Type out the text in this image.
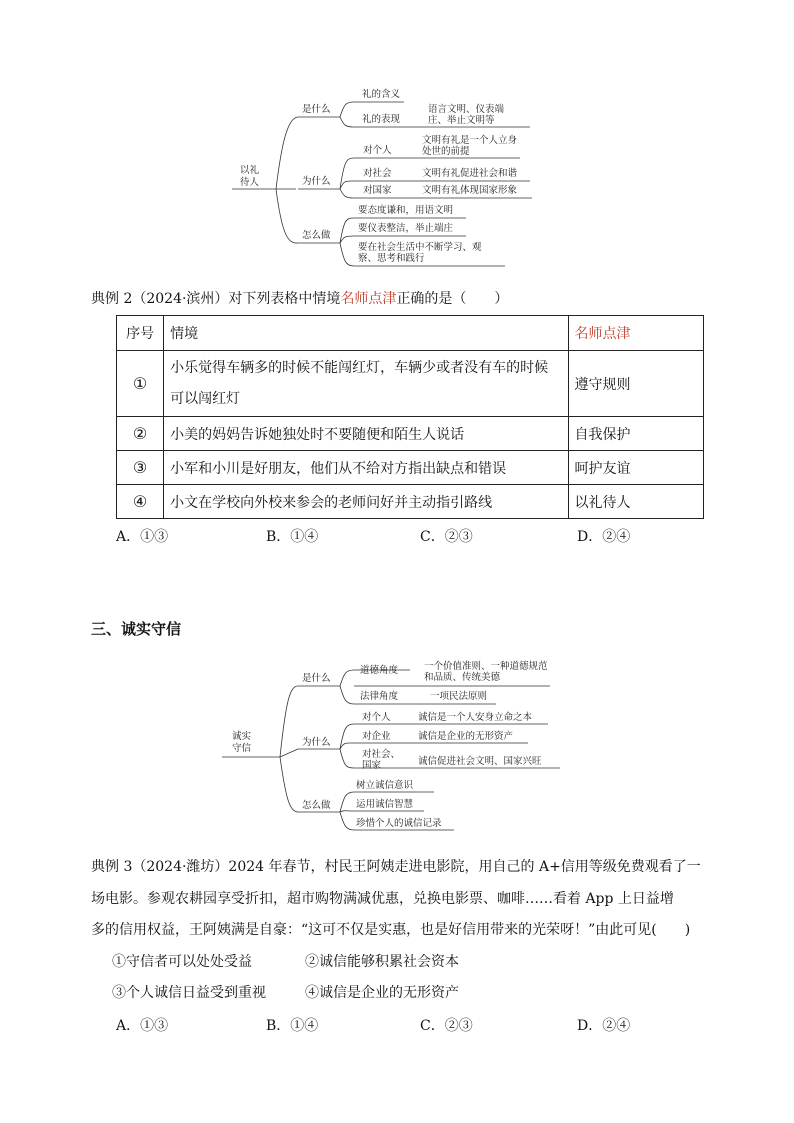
以礼
待人
是什么
为什么
怎么做
礼的含义
礼的表现
语言文明、仪表端庄、举止文明等
对个人
对社会
对国家
文明有礼是一个人立身处世的前提
文明有礼促进社会和谐
文明有礼体现国家形象
要态度谦和，用语文明
要仪表整洁，举止端庄
要在社会生活中不断学习、观察、思考和践行
典例 2（2024·滨州）对下列表格中情境名师点津正确的是（　　）
序号	情境	名师点津
①	小乐觉得车辆多的时候不能闯红灯，车辆少或者没有车的时候可以闯红灯	遵守规则
②	小美的妈妈告诉她独处时不要随便和陌生人说话	自我保护
③	小军和小川是好朋友，他们从不给对方指出缺点和错误	呵护友谊
④	小文在学校向外校来参会的老师问好并主动指引路线	以礼待人
A．①③	B．①④	C．②③	D．②④
三、诚实守信
诚实
守信
是什么
为什么
怎么做
道德角度
法律角度
一个价值准则、一种道德规范和品质、传统美德
一项民法原则
对个人
对企业
对社会、国家
诚信是一个人安身立命之本
诚信是企业的无形资产
诚信促进社会文明、国家兴旺
树立诚信意识
运用诚信智慧
珍惜个人的诚信记录
典例 3（2024·潍坊）2024 年春节，村民王阿姨走进电影院，用自己的 A+信用等级免费观看了一
场电影。参观农耕园享受折扣，超市购物满减优惠，兑换电影票、咖啡……看着 App 上日益增
多的信用权益，王阿姨满是自豪：“这可不仅是实惠，也是好信用带来的光荣呀！”由此可见(　　)
①守信者可以处处受益	②诚信能够积累社会资本
③个人诚信日益受到重视	④诚信是企业的无形资产
A．①③	B．①④	C．②③	D．②④
